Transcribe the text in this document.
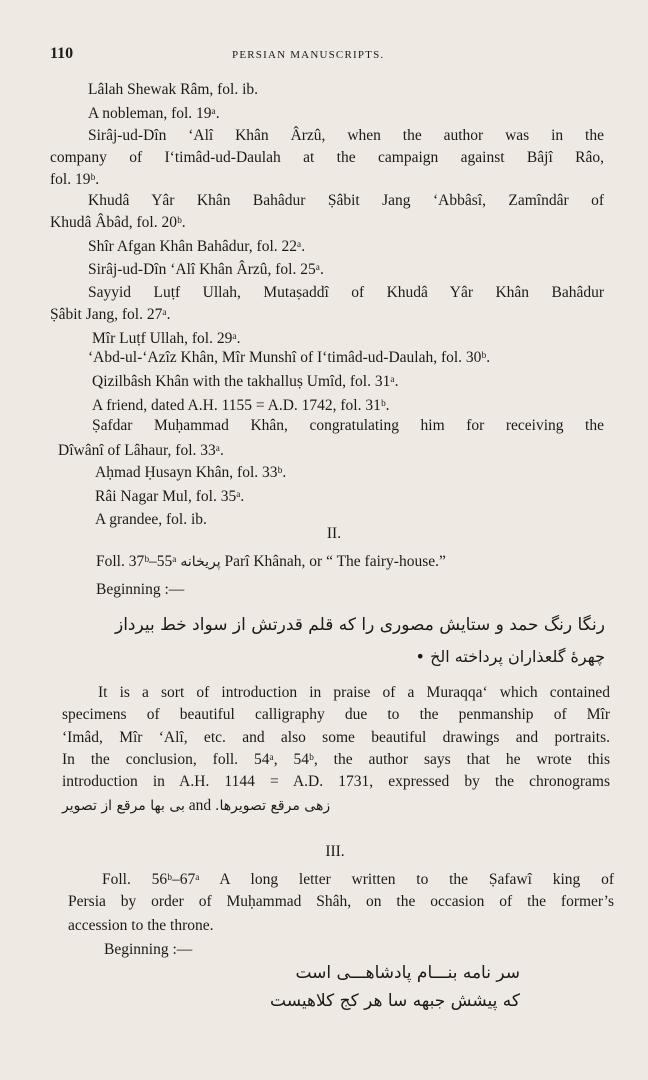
110	PERSIAN MANUSCRIPTS.
Lâlah Shewak Râm, fol. ib.
A nobleman, fol. 19ᵃ.
Sirâj-ud-Dîn ‘Alî Khân Ârzû, when the author was in the
company of I‘timâd-ud-Daulah at the campaign against Bâjî Râo,
fol. 19ᵇ.
Khudâ Yâr Khân Bahâdur Ṣâbit Jang ‘Abbâsî, Zamîndâr of
Khudâ Âbâd, fol. 20ᵇ.
Shîr Afgan Khân Bahâdur, fol. 22ᵃ.
Sirâj-ud-Dîn ‘Alî Khân Ârzû, fol. 25ᵃ.
Sayyid Luṭf Ullah, Mutaṣaddî of Khudâ Yâr Khân Bahâdur
Ṣâbit Jang, fol. 27ᵃ.
Mîr Luṭf Ullah, fol. 29ᵃ.
‘Abd-ul-‘Azîz Khân, Mîr Munshî of I‘timâd-ud-Daulah, fol. 30ᵇ.
Qizilbâsh Khân with the takhalluṣ Umîd, fol. 31ᵃ.
A friend, dated A.H. 1155 = A.D. 1742, fol. 31ᵇ.
Ṣafdar Muḥammad Khân, congratulating him for receiving the
Dîwânî of Lâhaur, fol. 33ᵃ.
Aḥmad Ḥusayn Khân, fol. 33ᵇ.
Râi Nagar Mul, fol. 35ᵃ.
A grandee, fol. ib.
II.
Foll. 37ᵇ–55ᵃ پریخانه Parî Khânah, or “ The fairy-house.”
Beginning :—
رنگا رنگ حمد و ستایش مصوری را که قلم قدرتش از سواد خط بیرداز
چهرهٔ گلعذاران پرداخته الخ •
It is a sort of introduction in praise of a Muraqqa‘ which contained
specimens of beautiful calligraphy due to the penmanship of Mîr
‘Imâd, Mîr ‘Alî, etc. and also some beautiful drawings and portraits.
In the conclusion, foll. 54ᵃ, 54ᵇ, the author says that he wrote this
introduction in A.H. 1144 = A.D. 1731, expressed by the chronograms
بی بها مرقع از تصویر and زهی مرقع تصویرها.
III.
Foll. 56ᵇ–67ᵃ A long letter written to the Ṣafawî king of
Persia by order of Muḥammad Shâh, on the occasion of the former’s
accession to the throne.
Beginning :—
سر نامه بنـــام پادشاهـــی است
که پیشش جبهه سا هر کج کلاهیست
